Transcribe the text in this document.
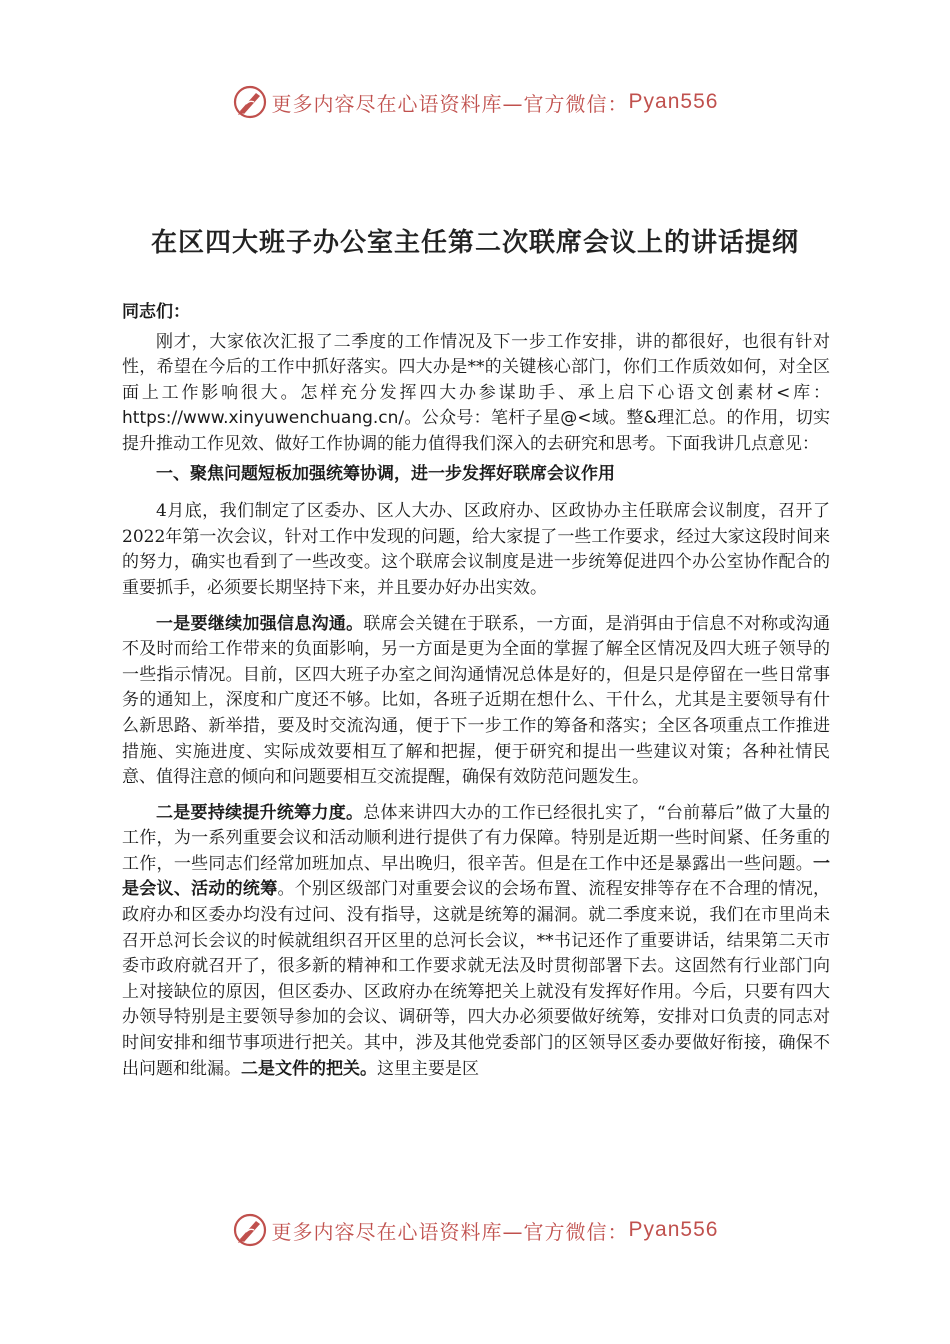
更多内容尽在心语资料库—官方微信： Pyan556
在区四大班子办公室主任第二次联席会议上的讲话提纲

同志们：

刚才，大家依次汇报了二季度的工作情况及下一步工作安排，讲的都很好，也很有针对性，希望在今后的工作中抓好落实。四大办是**的关键核心部门，你们工作质效如何，对全区面上工作影响很大。怎样充分发挥四大办参谋助手、承上启下心语文创素材<库：https://www.xinyuwenchuang.cn/。公众号：笔杆子星@<域。整&理汇总。的作用，切实提升推动工作见效、做好工作协调的能力值得我们深入的去研究和思考。下面我讲几点意见：

一、聚焦问题短板加强统筹协调，进一步发挥好联席会议作用

4月底，我们制定了区委办、区人大办、区政府办、区政协办主任联席会议制度，召开了2022年第一次会议，针对工作中发现的问题，给大家提了一些工作要求，经过大家这段时间来的努力，确实也看到了一些改变。这个联席会议制度是进一步统筹促进四个办公室协作配合的重要抓手，必须要长期坚持下来，并且要办好办出实效。

一是要继续加强信息沟通。联席会关键在于联系，一方面，是消弭由于信息不对称或沟通不及时而给工作带来的负面影响，另一方面是更为全面的掌握了解全区情况及四大班子领导的一些指示情况。目前，区四大班子办室之间沟通情况总体是好的，但是只是停留在一些日常事务的通知上，深度和广度还不够。比如，各班子近期在想什么、干什么，尤其是主要领导有什么新思路、新举措，要及时交流沟通，便于下一步工作的筹备和落实；全区各项重点工作推进措施、实施进度、实际成效要相互了解和把握，便于研究和提出一些建议对策；各种社情民意、值得注意的倾向和问题要相互交流提醒，确保有效防范问题发生。

二是要持续提升统筹力度。总体来讲四大办的工作已经很扎实了，“台前幕后”做了大量的工作，为一系列重要会议和活动顺利进行提供了有力保障。特别是近期一些时间紧、任务重的工作，一些同志们经常加班加点、早出晚归，很辛苦。但是在工作中还是暴露出一些问题。一是会议、活动的统筹。个别区级部门对重要会议的会场布置、流程安排等存在不合理的情况，政府办和区委办均没有过问、没有指导，这就是统筹的漏洞。就二季度来说，我们在市里尚未召开总河长会议的时候就组织召开区里的总河长会议，**书记还作了重要讲话，结果第二天市委市政府就召开了，很多新的精神和工作要求就无法及时贯彻部署下去。这固然有行业部门向上对接缺位的原因，但区委办、区政府办在统筹把关上就没有发挥好作用。今后，只要有四大办领导特别是主要领导参加的会议、调研等，四大办必须要做好统筹，安排对口负责的同志对时间安排和细节事项进行把关。其中，涉及其他党委部门的区领导区委办要做好衔接，确保不出问题和纰漏。二是文件的把关。这里主要是区

更多内容尽在心语资料库—官方微信： Pyan556
